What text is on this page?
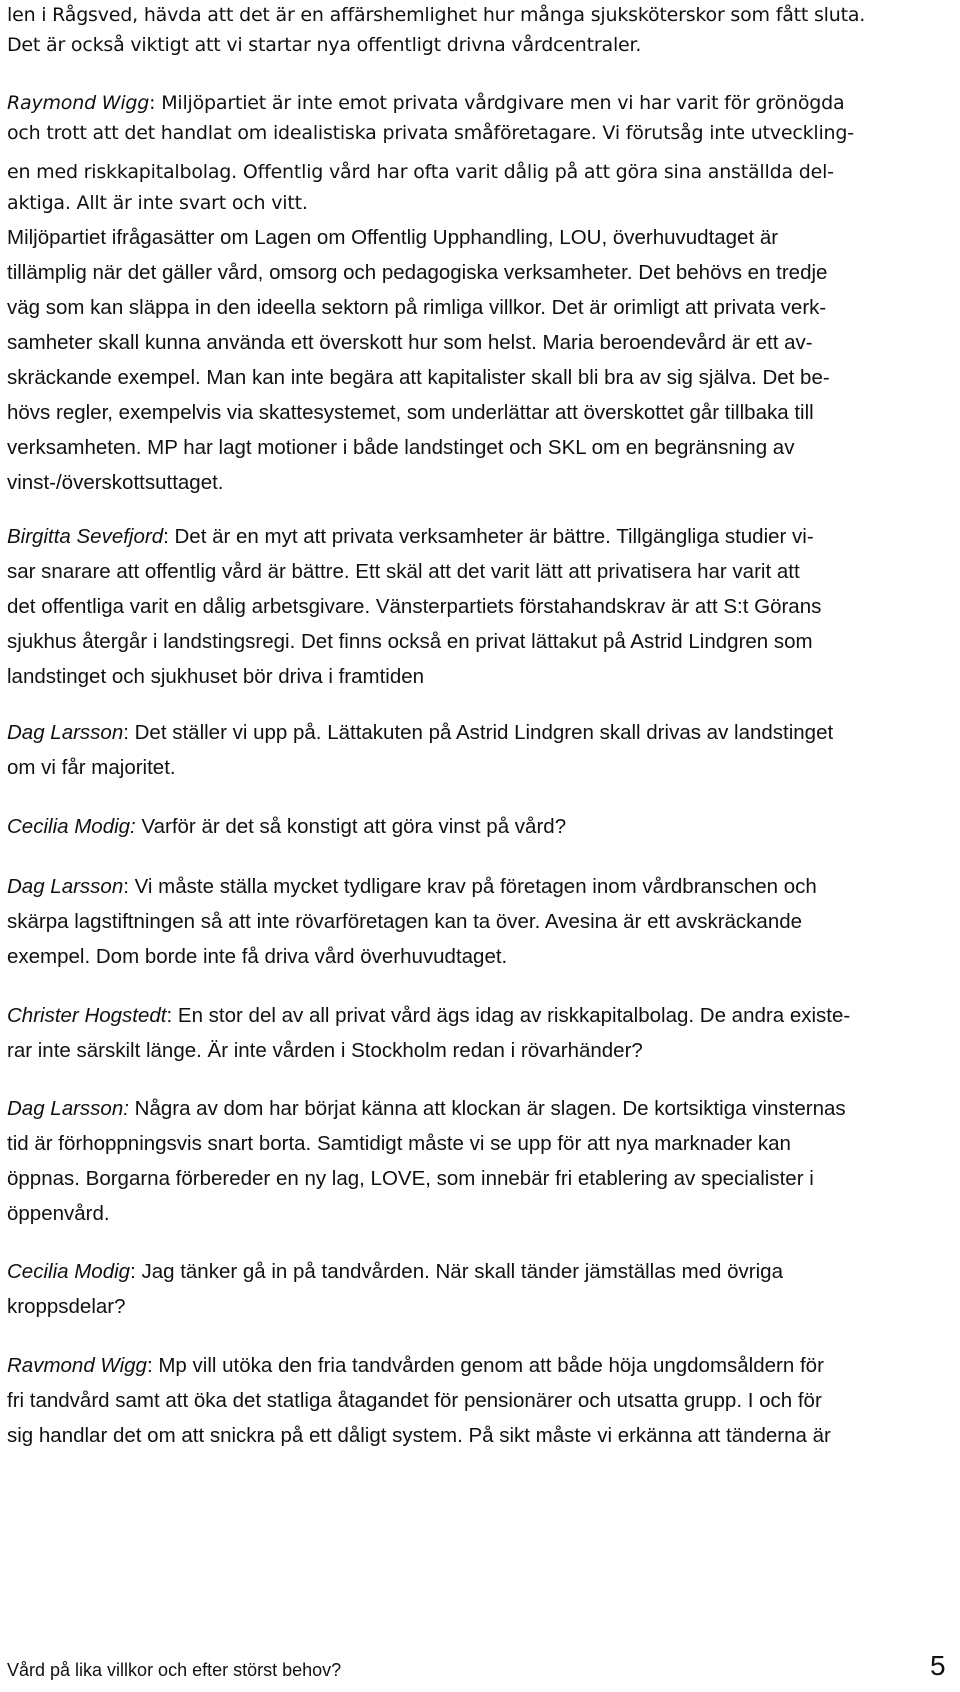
len i Rågsved, hävda att det är en affärshemlighet hur många sjuksköterskor som fått sluta.
Det är också viktigt att vi startar nya offentligt drivna vårdcentraler.
Raymond Wigg: Miljöpartiet är inte emot privata vårdgivare men vi har varit för grönögda
och trott att det handlat om idealistiska privata småföretagare. Vi förutsåg inte utveckling-
en med riskkapitalbolag. Offentlig vård har ofta varit dålig på att göra sina anställda del-
aktiga. Allt är inte svart och vitt.
Miljöpartiet ifrågasätter om Lagen om Offentlig Upphandling, LOU, överhuvudtaget är
tillämplig när det gäller vård, omsorg och pedagogiska verksamheter. Det behövs en tredje
väg som kan släppa in den ideella sektorn på rimliga villkor. Det är orimligt att privata verk-
samheter skall kunna använda ett överskott hur som helst. Maria beroendevård är ett av-
skräckande exempel. Man kan inte begära att kapitalister skall bli bra av sig själva. Det be-
hövs regler, exempelvis via skattesystemet, som underlättar att överskottet går tillbaka till
verksamheten. MP har lagt motioner i både landstinget och SKL om en begränsning av
vinst-/överskottsuttaget.
Birgitta Sevefjord: Det är en myt att privata verksamheter är bättre. Tillgängliga studier vi-
sar snarare att offentlig vård är bättre. Ett skäl att det varit lätt att privatisera har varit att
det offentliga varit en dålig arbetsgivare. Vänsterpartiets förstahandskrav är att S:t Görans
sjukhus återgår i landstingsregi. Det finns också en privat lättakut på Astrid Lindgren som
landstinget och sjukhuset bör driva i framtiden
Dag Larsson: Det ställer vi upp på. Lättakuten på Astrid Lindgren skall drivas av landstinget
om vi får majoritet.
Cecilia Modig: Varför är det så konstigt att göra vinst på vård?
Dag Larsson: Vi måste ställa mycket tydligare krav på företagen inom vårdbranschen och
skärpa lagstiftningen så att inte rövarföretagen kan ta över. Avesina är ett avskräckande
exempel. Dom borde inte få driva vård överhuvudtaget.
Christer Hogstedt: En stor del av all privat vård ägs idag av riskkapitalbolag. De andra existe-
rar inte särskilt länge. Är inte vården i Stockholm redan i rövarhänder?
Dag Larsson: Några av dom har börjat känna att klockan är slagen. De kortsiktiga vinsternas
tid är förhoppningsvis snart borta. Samtidigt måste vi se upp för att nya marknader kan
öppnas. Borgarna förbereder en ny lag, LOVE, som innebär fri etablering av specialister i
öppenvård.
Cecilia Modig: Jag tänker gå in på tandvården. När skall tänder jämställas med övriga
kroppsdelar?
Ravmond Wigg: Mp vill utöka den fria tandvården genom att både höja ungdomsåldern för
fri tandvård samt att öka det statliga åtagandet för pensionärer och utsatta grupp. I och för
sig handlar det om att snickra på ett dåligt system. På sikt måste vi erkänna att tänderna är
Vård på lika villkor och efter störst behov?	5
